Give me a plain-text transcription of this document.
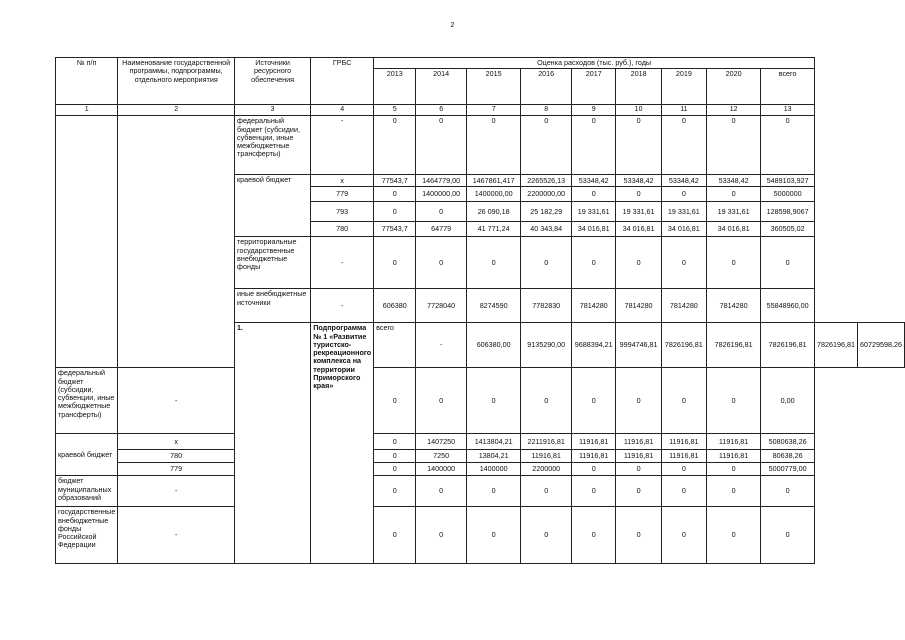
2
№ п/п	Наименование государственной программы, подпрограммы, отдельного мероприятия	Источники ресурсного обеспечения	ГРБС	Оценка расходов (тыс. руб.), годы										
				2013	2014	2015	2016	2017	2018	2019	2020	всего		
1	2	3	4	5	6	7	8	9	10	11	12	13		
		федеральный бюджет (субсидии, субвенции, иные межбюджетные трансферты)	-	0	0	0	0	0	0	0	0	0		
		краевой бюджет	x	77543,7	1464779,00	1467861,417	2265526,13	53348,42	53348,42	53348,42	53348,42	5489103,927		
			779	0	1400000,00	1400000,00	2200000,00	0	0	0	0	5000000		
			793	0	0	26 090,18	25 182,29	19 331,61	19 331,61	19 331,61	19 331,61	128598,9067		
			780	77543,7	64779	41 771,24	40 343,84	34 016,81	34 016,81	34 016,81	34 016,81	360505,02		
		территориальные государственные внебюджетные фонды	-	0	0	0	0	0	0	0	0	0		
		иные внебюджетные источники	-	606380	7728040	8274590	7782830	7814280	7814280	7814280	7814280	55848960,00		
		1.	Подпрограмма № 1 «Развитие туристско-рекреационного комплекса на территории Приморского края»	всего	-	606380,00	9135290,00	9688394,21	9994746,81	7826196,81	7826196,81	7826196,81	7826196,81	60729598,26
федеральный бюджет (субсидии, субвенции, иные межбюджетные трансферты)	-			0	0	0	0	0	0	0	0	0,00		
краевой бюджет	x			0	1407250	1413804,21	2211916,81	11916,81	11916,81	11916,81	11916,81	5080638,26		
	780			0	7250	13804,21	11916,81	11916,81	11916,81	11916,81	11916,81	80638,26		
	779			0	1400000	1400000	2200000	0	0	0	0	5000779,00		
бюджет муниципальных образований	-			0	0	0	0	0	0	0	0	0		
государственные внебюджетные фонды Российской Федерации	-			0	0	0	0	0	0	0	0	0		
